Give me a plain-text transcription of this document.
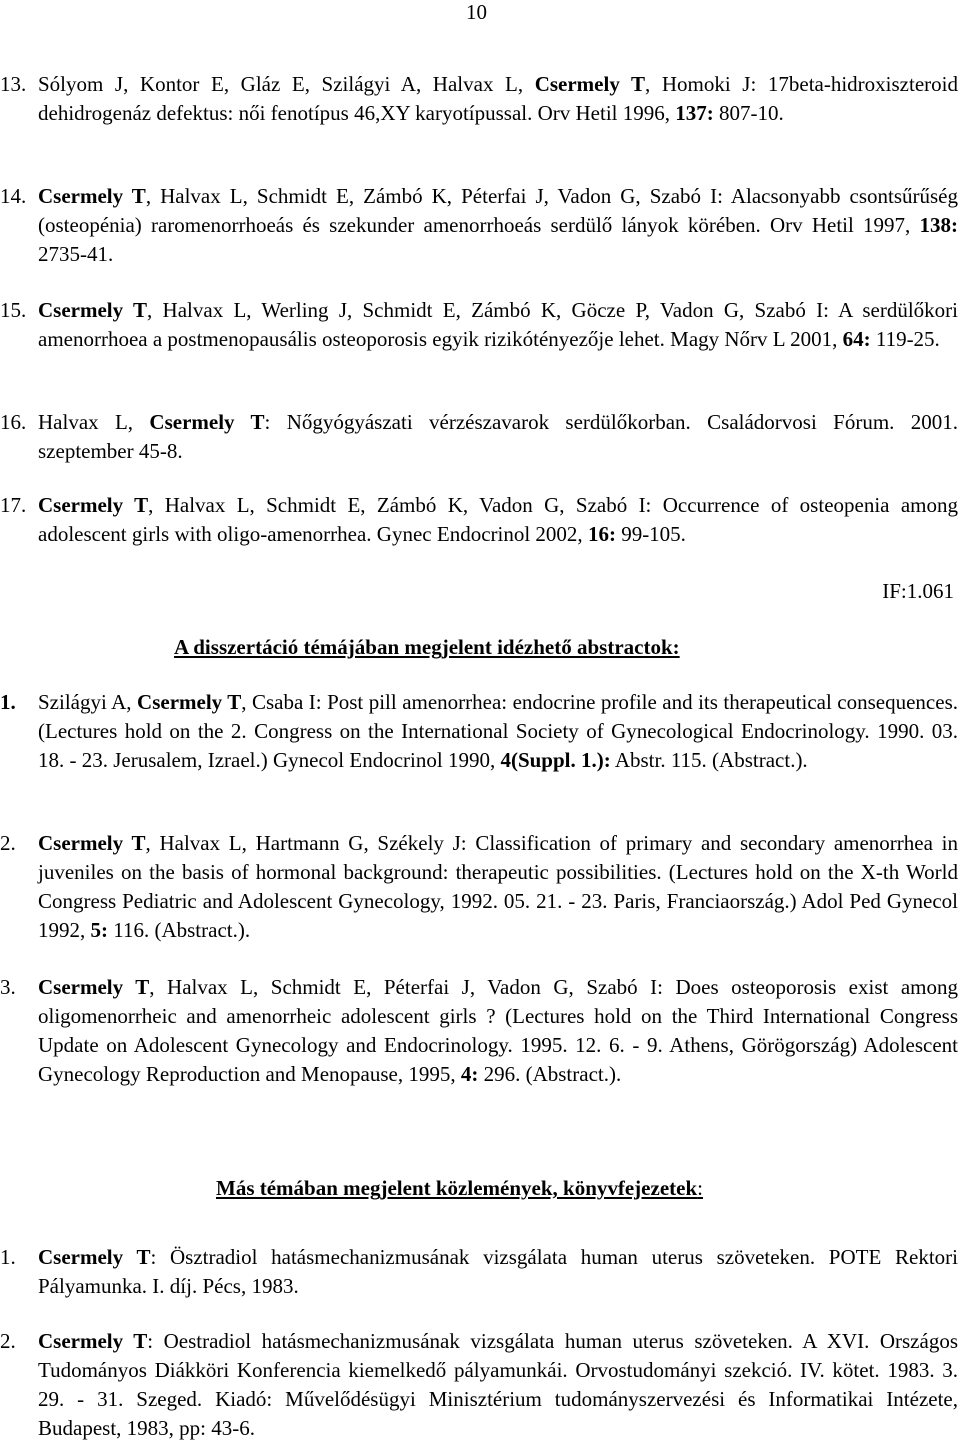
10
13. Sólyom J, Kontor E, Gláz E, Szilágyi A, Halvax L, Csermely T, Homoki J: 17beta-hidroxiszteroid dehidrogenáz defektus: női fenotípus 46,XY karyotípussal. Orv Hetil 1996, 137: 807-10.
14. Csermely T, Halvax L, Schmidt E, Zámbó K, Péterfai J, Vadon G, Szabó I: Alacsonyabb csontsűrűség (osteopénia) raromenorrhoeás és szekunder amenorrhoeás serdülő lányok körében. Orv Hetil 1997, 138: 2735-41.
15. Csermely T, Halvax L, Werling J, Schmidt E, Zámbó K, Göcze P, Vadon G, Szabó I: A serdülőkori amenorrhoea a postmenopausális osteoporosis egyik rizikótényezője lehet. Magy Nőrv L 2001, 64: 119-25.
16. Halvax L, Csermely T: Nőgyógyászati vérzészavarok serdülőkorban. Családorvosi Fórum. 2001. szeptember 45-8.
17. Csermely T, Halvax L, Schmidt E, Zámbó K, Vadon G, Szabó I: Occurrence of osteopenia among adolescent girls with oligo-amenorrhea. Gynec Endocrinol 2002, 16: 99-105.
IF:1.061
A disszertáció témájában megjelent idézhető abstractok:
1.	Szilágyi A, Csermely T, Csaba I: Post pill amenorrhea: endocrine profile and its therapeutical consequences. (Lectures hold on the 2. Congress on the International Society of Gynecological Endocrinology. 1990. 03. 18. - 23. Jerusalem, Izrael.) Gynecol Endocrinol 1990, 4(Suppl. 1.): Abstr. 115. (Abstract.).
2.	Csermely T, Halvax L, Hartmann G, Székely J: Classification of primary and secondary amenorrhea in juveniles on the basis of hormonal background: therapeutic possibilities. (Lectures hold on the X-th World Congress Pediatric and Adolescent Gynecology, 1992. 05. 21. - 23. Paris, Franciaország.) Adol Ped Gynecol 1992, 5: 116. (Abstract.).
3.	Csermely T, Halvax L, Schmidt E, Péterfai J, Vadon G, Szabó I: Does osteoporosis exist among oligomenorrheic and amenorrheic adolescent girls ? (Lectures hold on the Third International Congress Update on Adolescent Gynecology and Endocrinology. 1995. 12. 6. - 9. Athens, Görögország) Adolescent Gynecology Reproduction and Menopause, 1995, 4: 296. (Abstract.).
Más témában megjelent közlemények, könyvfejezetek:
1.	Csermely T: Ösztradiol hatásmechanizmusának vizsgálata human uterus szöveteken. POTE Rektori Pályamunka. I. díj. Pécs, 1983.
2.	Csermely T: Oestradiol hatásmechanizmusának vizsgálata human uterus szöveteken. A XVI. Országos Tudományos Diákköri Konferencia kiemelkedő pályamunkái. Orvostudományi szekció. IV. kötet. 1983. 3. 29. - 31. Szeged. Kiadó: Művelődésügyi Minisztérium tudományszervezési és Informatikai Intézete, Budapest, 1983, pp: 43-6.
